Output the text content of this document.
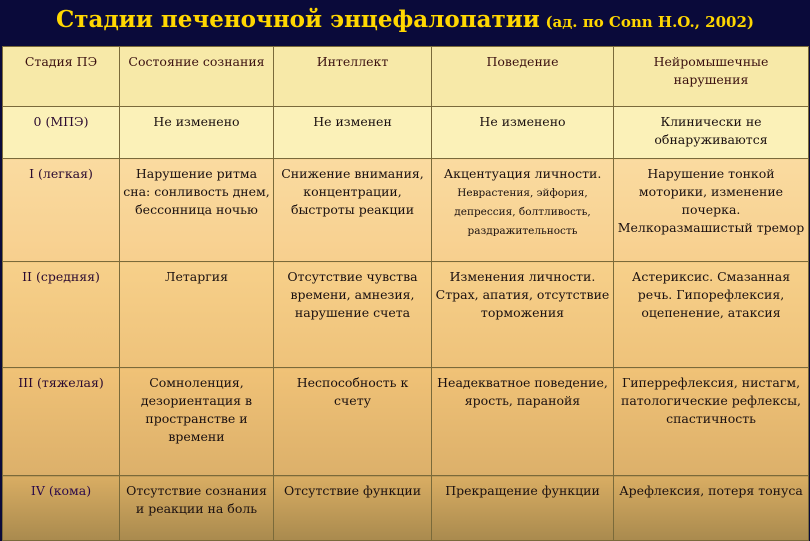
Стадии печеночной энцефалопатии (ад. по Conn H.O., 2002)
Стадия ПЭ	Состояние сознания	Интеллект	Поведение	Нейромышечные нарушения
0 (МПЭ)	Не изменено	Не изменен	Не изменено	Клинически не обнаруживаются
I (легкая)	Нарушение ритма сна: сонливость днем, бессонница ночью	Снижение внимания, концентрации, быстроты реакции	Акцентуация личности. Неврастения, эйфория, депрессия, болтливость, раздражительность	Нарушение тонкой моторики, изменение почерка. Мелкоразмашистый тремор
II (средняя)	Летаргия	Отсутствие чувства времени, амнезия, нарушение счета	Изменения личности. Страх, апатия, отсутствие торможения	Астериксис. Смазанная речь. Гипорефлексия, оцепенение, атаксия
III (тяжелая)	Сомноленция, дезориентация в пространстве и времени	Неспособность к счету	Неадекватное поведение, ярость, паранойя	Гиперрефлексия, нистагм, патологические рефлексы, спастичность
IV (кома)	Отсутствие сознания и реакции на боль	Отсутствие функции	Прекращение функции	Арефлексия, потеря тонуса
